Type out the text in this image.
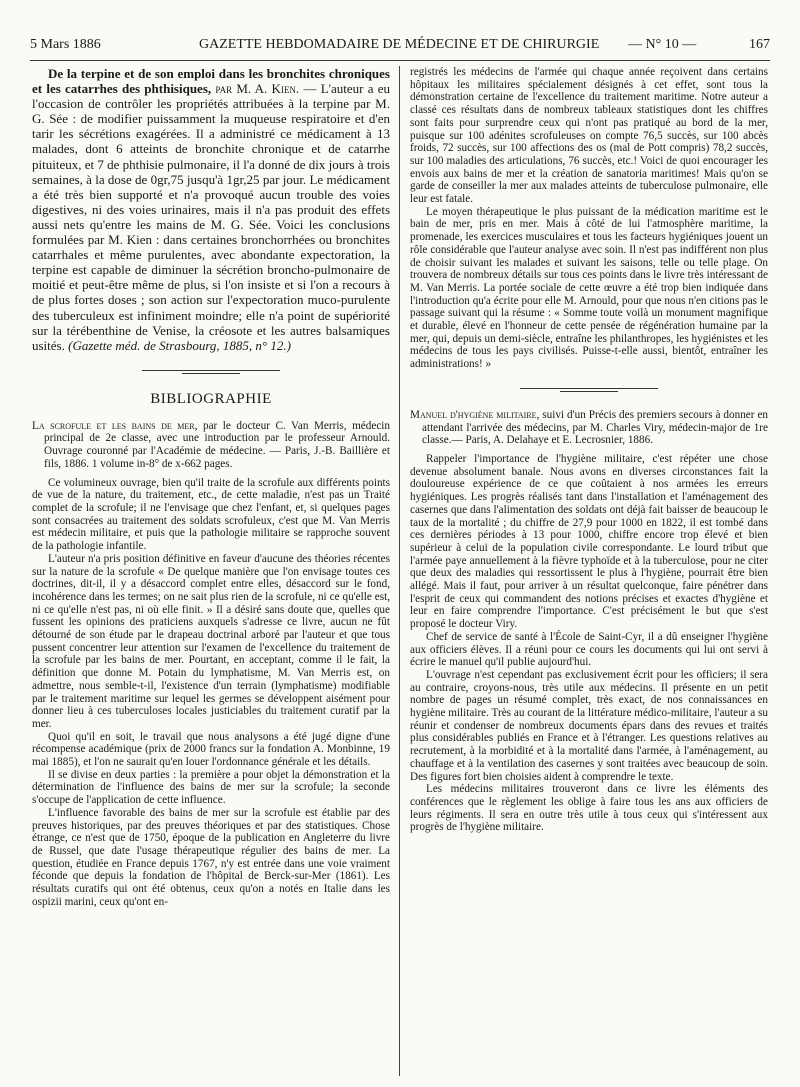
5 Mars 1886	GAZETTE HEBDOMADAIRE DE MÉDECINE ET DE CHIRURGIE — N° 10 —	167

De la terpine et de son emploi dans les bronchites chroniques et les catarrhes des phthisiques, par M. A. Kien. — L'auteur a eu l'occasion de contrôler les propriétés attribuées à la terpine par M. G. Sée : de modifier puissamment la muqueuse respiratoire et d'en tarir les sécrétions exagérées. Il a administré ce médicament à 13 malades, dont 6 atteints de bronchite chronique et de catarrhe pituiteux, et 7 de phthisie pulmonaire, il l'a donné de dix jours à trois semaines, à la dose de 0gr,75 jusqu'à 1gr,25 par jour. Le médicament a été très bien supporté et n'a provoqué aucun trouble des voies digestives, ni des voies urinaires, mais il n'a pas produit des effets aussi nets qu'entre les mains de M. G. Sée. Voici les conclusions formulées par M. Kien : dans certaines bronchorrhées ou bronchites catarrhales et même purulentes, avec abondante expectoration, la terpine est capable de diminuer la sécrétion broncho-pulmonaire de moitié et peut-être même de plus, si l'on insiste et si l'on a recours à de plus fortes doses ; son action sur l'expectoration muco-purulente des tuberculeux est infiniment moindre; elle n'a point de supériorité sur la térébenthine de Venise, la créosote et les autres balsamiques usités. (Gazette méd. de Strasbourg, 1885, n° 12.)

BIBLIOGRAPHIE

La scrofule et les bains de mer, par le docteur C. Van Merris, médecin principal de 2e classe, avec une introduction par le professeur Arnould. Ouvrage couronné par l'Académie de médecine. — Paris, J.-B. Baillière et fils, 1886. 1 volume in-8° de x-662 pages.

Ce volumineux ouvrage, bien qu'il traite de la scrofule aux différents points de vue de la nature, du traitement, etc., de cette maladie, n'est pas un Traité complet de la scrofule; il ne l'envisage que chez l'enfant, et, si quelques pages sont consacrées au traitement des soldats scrofuleux, c'est que M. Van Merris est médecin militaire, et puis que la pathologie militaire se rapproche souvent de la pathologie infantile.

L'auteur n'a pris position définitive en faveur d'aucune des théories récentes sur la nature de la scrofule « De quelque manière que l'on envisage toutes ces doctrines, dit-il, il y a désaccord complet entre elles, désaccord sur le fond, incohérence dans les termes; on ne sait plus rien de la scrofule, ni ce qu'elle est, ni ce qu'elle n'est pas, ni où elle finit. » Il a désiré sans doute que, quelles que fussent les opinions des praticiens auxquels s'adresse ce livre, aucun ne fût détourné de son étude par le drapeau doctrinal arboré par l'auteur et que tous pussent concentrer leur attention sur l'examen de l'excellence du traitement de la scrofule par les bains de mer. Pourtant, en acceptant, comme il le fait, la définition que donne M. Potain du lymphatisme, M. Van Merris est, on admettre, nous semble-t-il, l'existence d'un terrain (lymphatisme) modifiable par le traitement maritime sur lequel les germes se développent aisément pour donner lieu à ces tuberculoses locales justiciables du traitement curatif par la mer.

Quoi qu'il en soit, le travail que nous analysons a été jugé digne d'une récompense académique (prix de 2000 francs sur la fondation A. Monbinne, 19 mai 1885), et l'on ne saurait qu'en louer l'ordonnance générale et les détails.

Il se divise en deux parties : la première a pour objet la démonstration et la détermination de l'influence des bains de mer sur la scrofule; la seconde s'occupe de l'application de cette influence.

L'influence favorable des bains de mer sur la scrofule est établie par des preuves historiques, par des preuves théoriques et par des statistiques. Chose étrange, ce n'est que de 1750, époque de la publication en Angleterre du livre de Russel, que date l'usage thérapeutique régulier des bains de mer. La question, étudiée en France depuis 1767, n'y est entrée dans une voie vraiment féconde que depuis la fondation de l'hôpital de Berck-sur-Mer (1861). Les résultats curatifs qui ont été obtenus, ceux qu'on a notés en Italie dans les ospizii marini, ceux qu'ont en-

registrés les médecins de l'armée qui chaque année reçoivent dans certains hôpitaux les militaires spécialement désignés à cet effet, sont tous la démonstration certaine de l'excellence du traitement maritime. Notre auteur a classé ces résultats dans de nombreux tableaux statistiques dont les chiffres sont faits pour surprendre ceux qui n'ont pas pratiqué au bord de la mer, puisque sur 100 adénites scrofuleuses on compte 76,5 succès, sur 100 abcès froids, 72 succès, sur 100 affections des os (mal de Pott compris) 78,2 succès, sur 100 maladies des articulations, 76 succès, etc.! Voici de quoi encourager les envois aux bains de mer et la création de sanatoria maritimes! Mais qu'on se garde de conseiller la mer aux malades atteints de tuberculose pulmonaire, elle leur est fatale.

Le moyen thérapeutique le plus puissant de la médication maritime est le bain de mer, pris en mer. Mais à côté de lui l'atmosphère maritime, la promenade, les exercices musculaires et tous les facteurs hygiéniques jouent un rôle considérable que l'auteur analyse avec soin. Il n'est pas indifférent non plus de choisir suivant les malades et suivant les saisons, telle ou telle plage. On trouvera de nombreux détails sur tous ces points dans le livre très intéressant de M. Van Merris. La portée sociale de cette œuvre a été trop bien indiquée dans l'introduction qu'a écrite pour elle M. Arnould, pour que nous n'en citions pas le passage suivant qui la résume : « Somme toute voilà un monument magnifique et durable, élevé en l'honneur de cette pensée de régénération humaine par la mer, qui, depuis un demi-siècle, entraîne les philanthropes, les hygiénistes et les médecins de tous les pays civilisés. Puisse-t-elle aussi, bientôt, entraîner les administrations! »

Manuel d'hygiène militaire, suivi d'un Précis des premiers secours à donner en attendant l'arrivée des médecins, par M. Charles Viry, médecin-major de 1re classe.— Paris, A. Delahaye et E. Lecrosnier, 1886.

Rappeler l'importance de l'hygiène militaire, c'est répéter une chose devenue absolument banale. Nous avons en diverses circonstances fait la douloureuse expérience de ce que coûtaient à nos armées les erreurs hygiéniques. Les progrès réalisés tant dans l'installation et l'aménagement des casernes que dans l'alimentation des soldats ont déjà fait baisser de beaucoup le taux de la mortalité ; du chiffre de 27,9 pour 1000 en 1822, il est tombé dans ces dernières périodes à 13 pour 1000, chiffre encore trop élevé et bien supérieur à celui de la population civile correspondante. Le lourd tribut que l'armée paye annuellement à la fièvre typhoïde et à la tuberculose, pour ne citer que deux des maladies qui ressortissent le plus à l'hygiène, pourrait être bien allégé. Mais il faut, pour arriver à un résultat quelconque, faire pénétrer dans l'esprit de ceux qui commandent des notions précises et exactes d'hygiène et leur en faire comprendre l'importance. C'est précisément le but que s'est proposé le docteur Viry.

Chef de service de santé à l'École de Saint-Cyr, il a dû enseigner l'hygiène aux officiers élèves. Il a réuni pour ce cours les documents qui lui ont servi à écrire le manuel qu'il publie aujourd'hui.

L'ouvrage n'est cependant pas exclusivement écrit pour les officiers; il sera au contraire, croyons-nous, très utile aux médecins. Il présente en un petit nombre de pages un résumé complet, très exact, de nos connaissances en hygiène militaire. Très au courant de la littérature médico-militaire, l'auteur a su réunir et condenser de nombreux documents épars dans des revues et traités plus considérables publiés en France et à l'étranger. Les questions relatives au recrutement, à la morbidité et à la mortalité dans l'armée, à l'aménagement, au chauffage et à la ventilation des casernes y sont traitées avec beaucoup de soin. Des figures fort bien choisies aident à comprendre le texte.

Les médecins militaires trouveront dans ce livre les éléments des conférences que le règlement les oblige à faire tous les ans aux officiers de leurs régiments. Il sera en outre très utile à tous ceux qui s'intéressent aux progrès de l'hygiène militaire.
